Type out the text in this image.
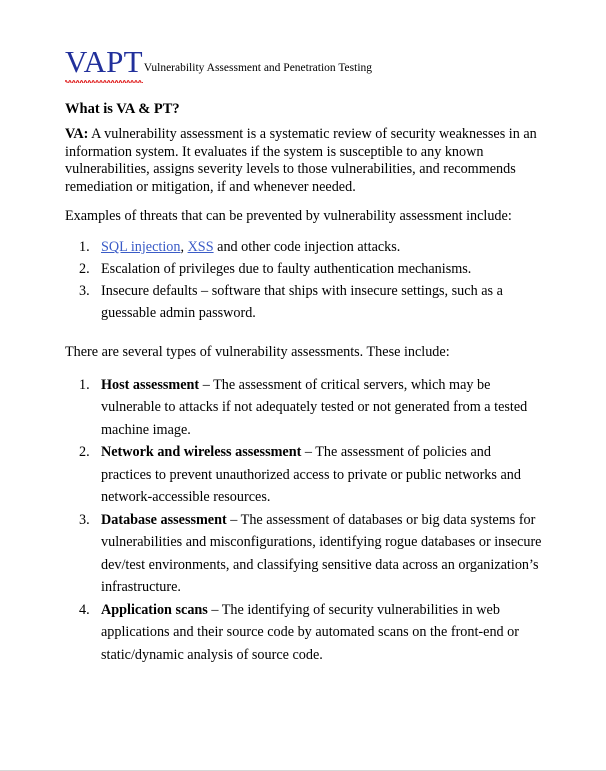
VAPT
Vulnerability Assessment and Penetration Testing
What is VA & PT?

VA: A vulnerability assessment is a systematic review of security weaknesses in an information system. It evaluates if the system is susceptible to any known vulnerabilities, assigns severity levels to those vulnerabilities, and recommends remediation or mitigation, if and whenever needed.

Examples of threats that can be prevented by vulnerability assessment include:

1. SQL injection, XSS and other code injection attacks.
2. Escalation of privileges due to faulty authentication mechanisms.
3. Insecure defaults – software that ships with insecure settings, such as a guessable admin password.

There are several types of vulnerability assessments. These include:

1. Host assessment – The assessment of critical servers, which may be vulnerable to attacks if not adequately tested or not generated from a tested machine image.
2. Network and wireless assessment – The assessment of policies and practices to prevent unauthorized access to private or public networks and network-accessible resources.
3. Database assessment – The assessment of databases or big data systems for vulnerabilities and misconfigurations, identifying rogue databases or insecure dev/test environments, and classifying sensitive data across an organization’s infrastructure.
4. Application scans – The identifying of security vulnerabilities in web applications and their source code by automated scans on the front-end or static/dynamic analysis of source code.
